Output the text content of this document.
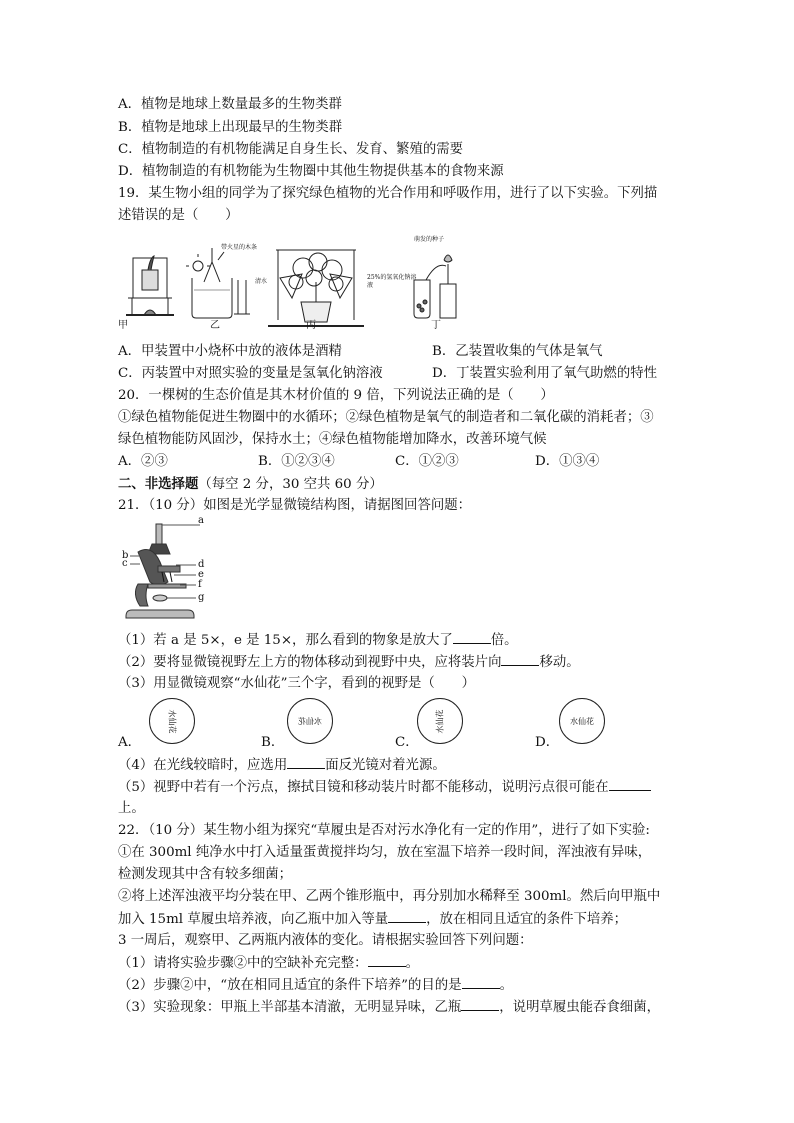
A．植物是地球上数量最多的生物类群
B．植物是地球上出现最早的生物类群
C．植物制造的有机物能满足自身生长、发育、繁殖的需要
D．植物制造的有机物能为生物圈中其他生物提供基本的食物来源
19．某生物小组的同学为了探究绿色植物的光合作用和呼吸作用，进行了以下实验。下列描
述错误的是（　　）
甲	乙	丙	丁
带火星的木条
清水
25%的氢氧化钠溶液
萌发的种子
A．甲装置中小烧杯中放的液体是酒精	B．乙装置收集的气体是氧气
C．丙装置中对照实验的变量是氢氧化钠溶液	D．丁装置实验利用了氧气助燃的特性
20．一棵树的生态价值是其木材价值的 9 倍，下列说法正确的是（　　）
①绿色植物能促进生物圈中的水循环；②绿色植物是氧气的制造者和二氧化碳的消耗者；③
绿色植物能防风固沙，保持水土；④绿色植物能增加降水，改善环境气候
A．②③	B．①②③④	C．①②③	D．①③④
二、非选择题（每空 2 分，30 空共 60 分）
21．（10 分）如图是光学显微镜结构图，请据图回答问题：
a
b
c	d
e
f
g
（1）若 a 是 5×，e 是 15×，那么看到的物象是放大了	倍。
（2）要将显微镜视野左上方的物体移动到视野中央，应将装片向	移动。
（3）用显微镜观察“水仙花”三个字，看到的视野是（　　）
A．
水仙花
B．
水仙花
C．
水仙花
D．
水仙花
（4）在光线较暗时，应选用	面反光镜对着光源。
（5）视野中若有一个污点，擦拭目镜和移动装片时都不能移动，说明污点很可能在
上。
22．（10 分）某生物小组为探究“草履虫是否对污水净化有一定的作用”，进行了如下实验:
①在 300ml 纯净水中打入适量蛋黄搅拌均匀，放在室温下培养一段时间，浑浊液有异味，
检测发现其中含有较多细菌；
②将上述浑浊液平均分装在甲、乙两个锥形瓶中，再分别加水稀释至 300ml。然后向甲瓶中
加入 15ml 草履虫培养液，向乙瓶中加入等量	，放在相同且适宜的条件下培养；
3 一周后，观察甲、乙两瓶内液体的变化。请根据实验回答下列问题：
（1）请将实验步骤②中的空缺补充完整：	。
（2）步骤②中，“放在相同且适宜的条件下培养”的目的是	。
（3）实验现象：甲瓶上半部基本清澈，无明显异味，乙瓶	，说明草履虫能吞食细菌，
